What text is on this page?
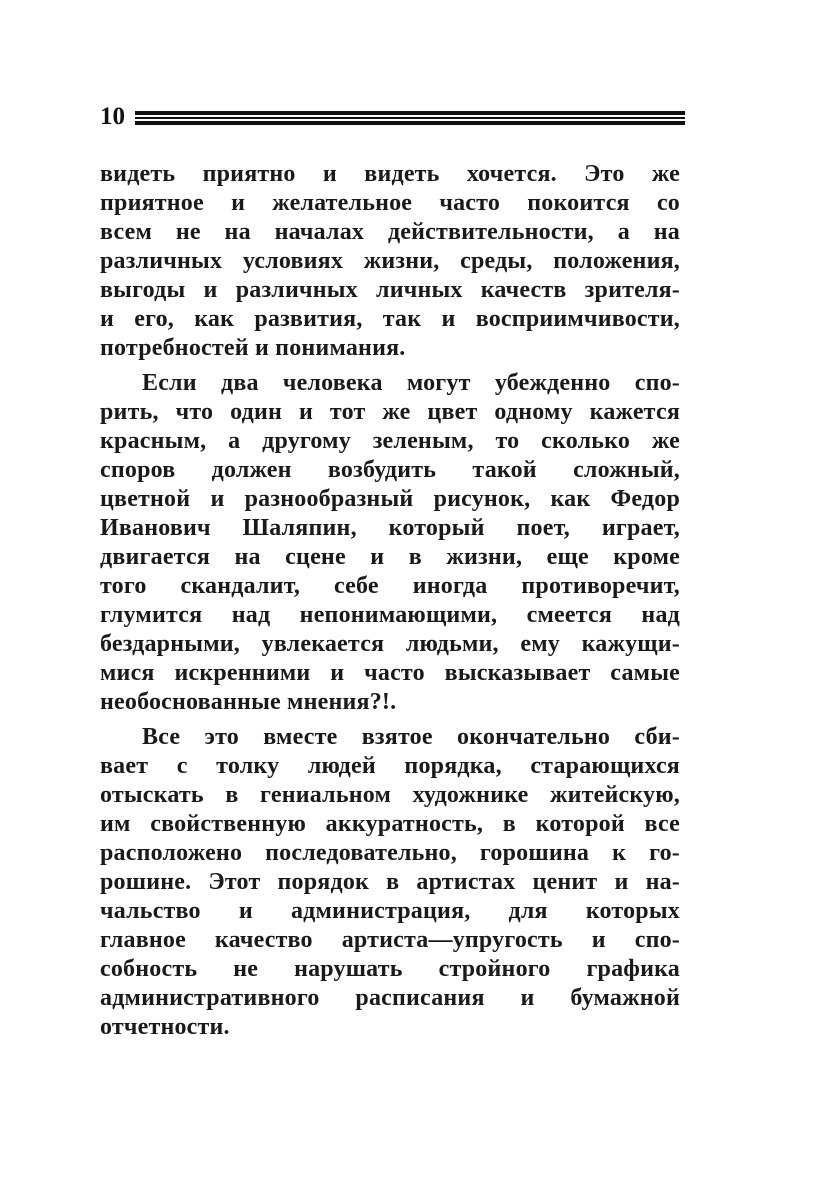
10
видеть приятно и видеть хочется. Это же
приятное и желательное часто покоится со
всем не на началах действительности, а на
различных условиях жизни, среды, положения,
выгоды и различных личных качеств зрителя-
и его, как развития, так и восприимчивости,
потребностей и понимания.
Если два человека могут убежденно спо-
рить, что один и тот же цвет одному кажется
красным, а другому зеленым, то сколько же
споров должен возбудить такой сложный,
цветной и разнообразный рисунок, как Федор
Иванович Шаляпин, который поет, играет,
двигается на сцене и в жизни, еще кроме
того скандалит, себе иногда противоречит,
глумится над непонимающими, смеется над
бездарными, увлекается людьми, ему кажущи-
мися искренними и часто высказывает самые
необоснованные мнения?!.
Все это вместе взятое окончательно сби-
вает с толку людей порядка, старающихся
отыскать в гениальном художнике житейскую,
им свойственную аккуратность, в которой все
расположено последовательно, горошина к го-
рошине. Этот порядок в артистах ценит и на-
чальство и администрация, для которых
главное качество артиста—упругость и спо-
собность не нарушать стройного графика
административного расписания и бумажной
отчетности.
